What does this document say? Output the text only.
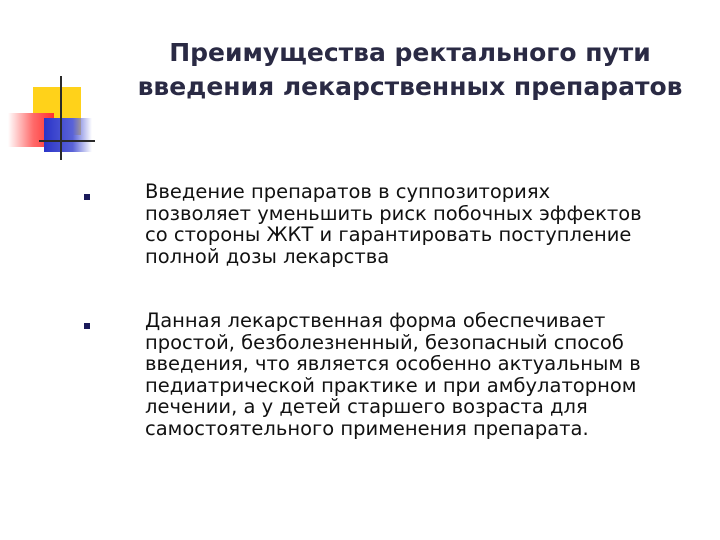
Преимущества ректального пути
введения лекарственных препаратов
Введение препаратов в суппозиториях
позволяет уменьшить риск побочных эффектов
со стороны ЖКТ и гарантировать поступление
полной дозы лекарства
Данная лекарственная форма обеспечивает
простой, безболезненный, безопасный способ
введения, что является особенно актуальным в
педиатрической практике и при амбулаторном
лечении, а у детей старшего возраста для
самостоятельного применения препарата.
